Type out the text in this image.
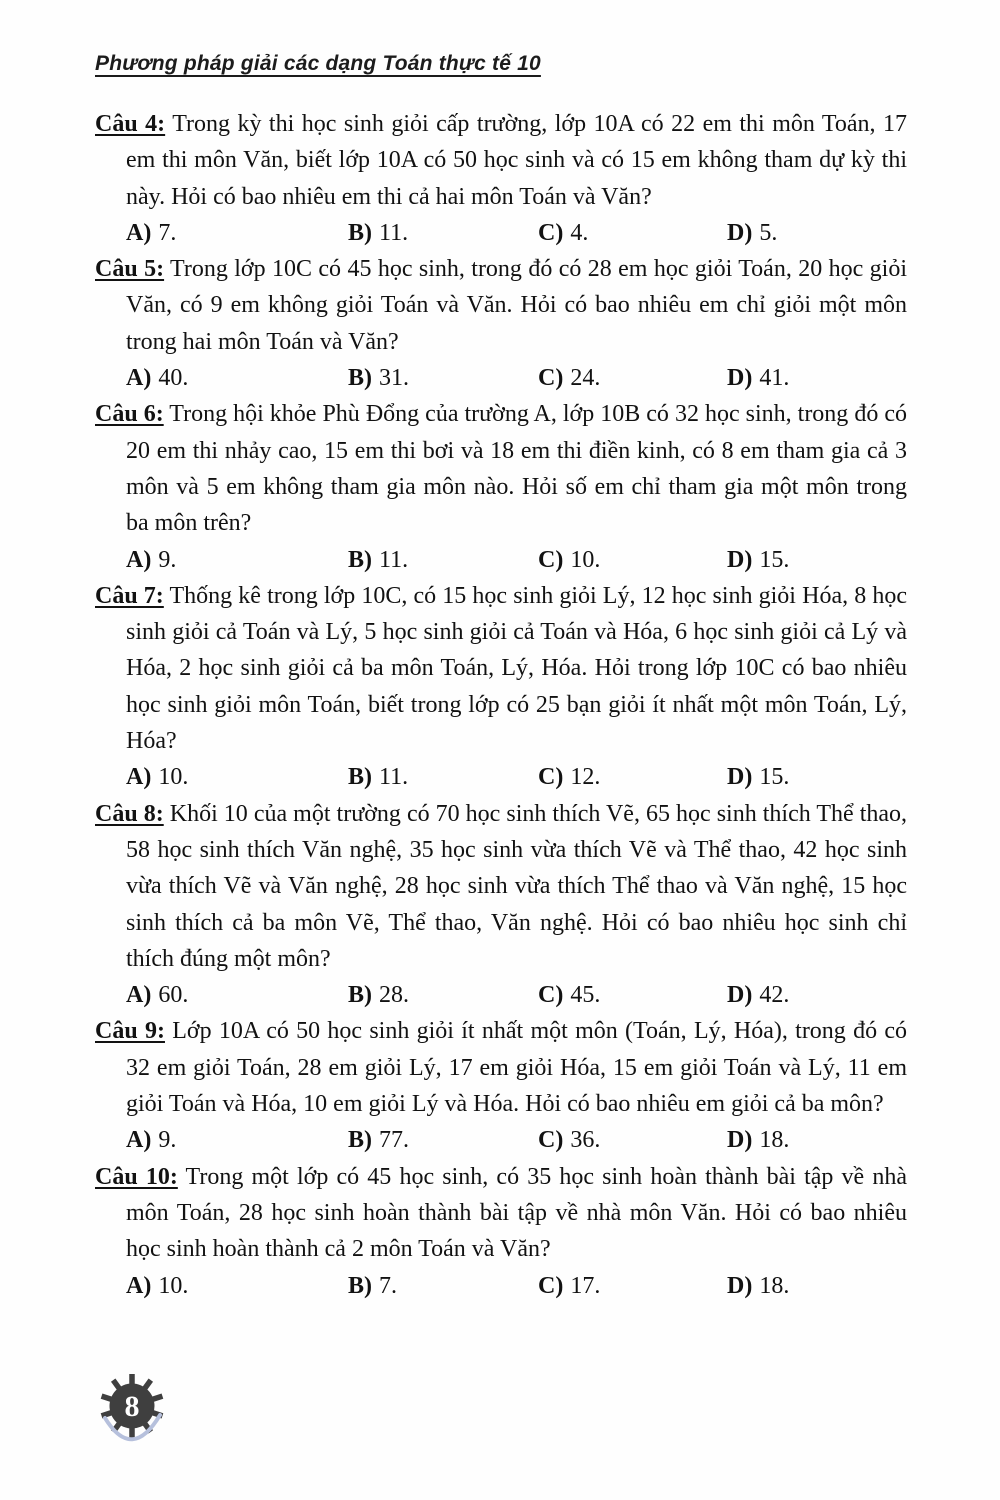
Phương pháp giải các dạng Toán thực tế 10

Câu 4: Trong kỳ thi học sinh giỏi cấp trường, lớp 10A có 22 em thi môn Toán, 17 em thi môn Văn, biết lớp 10A có 50 học sinh và có 15 em không tham dự kỳ thi này. Hỏi có bao nhiêu em thi cả hai môn Toán và Văn?

A) 7.	B) 11.	C) 4.	D) 5.

Câu 5: Trong lớp 10C có 45 học sinh, trong đó có 28 em học giỏi Toán, 20 học giỏi Văn, có 9 em không giỏi Toán và Văn. Hỏi có bao nhiêu em chỉ giỏi một môn trong hai môn Toán và Văn?

A) 40.	B) 31.	C) 24.	D) 41.

Câu 6: Trong hội khỏe Phù Đổng của trường A, lớp 10B có 32 học sinh, trong đó có 20 em thi nhảy cao, 15 em thi bơi và 18 em thi điền kinh, có 8 em tham gia cả 3 môn và 5 em không tham gia môn nào. Hỏi số em chỉ tham gia một môn trong ba môn trên?

A) 9.	B) 11.	C) 10.	D) 15.

Câu 7: Thống kê trong lớp 10C, có 15 học sinh giỏi Lý, 12 học sinh giỏi Hóa, 8 học sinh giỏi cả Toán và Lý, 5 học sinh giỏi cả Toán và Hóa, 6 học sinh giỏi cả Lý và Hóa, 2 học sinh giỏi cả ba môn Toán, Lý, Hóa. Hỏi trong lớp 10C có bao nhiêu học sinh giỏi môn Toán, biết trong lớp có 25 bạn giỏi ít nhất một môn Toán, Lý, Hóa?

A) 10.	B) 11.	C) 12.	D) 15.

Câu 8: Khối 10 của một trường có 70 học sinh thích Vẽ, 65 học sinh thích Thể thao, 58 học sinh thích Văn nghệ, 35 học sinh vừa thích Vẽ và Thể thao, 42 học sinh vừa thích Vẽ và Văn nghệ, 28 học sinh vừa thích Thể thao và Văn nghệ, 15 học sinh thích cả ba môn Vẽ, Thể thao, Văn nghệ. Hỏi có bao nhiêu học sinh chỉ thích đúng một môn?

A) 60.	B) 28.	C) 45.	D) 42.

Câu 9: Lớp 10A có 50 học sinh giỏi ít nhất một môn (Toán, Lý, Hóa), trong đó có 32 em giỏi Toán, 28 em giỏi Lý, 17 em giỏi Hóa, 15 em giỏi Toán và Lý, 11 em giỏi Toán và Hóa, 10 em giỏi Lý và Hóa. Hỏi có bao nhiêu em giỏi cả ba môn?

A) 9.	B) 77.	C) 36.	D) 18.

Câu 10: Trong một lớp có 45 học sinh, có 35 học sinh hoàn thành bài tập về nhà môn Toán, 28 học sinh hoàn thành bài tập về nhà môn Văn. Hỏi có bao nhiêu học sinh hoàn thành cả 2 môn Toán và Văn?

A) 10.	B) 7.	C) 17.	D) 18.
8
